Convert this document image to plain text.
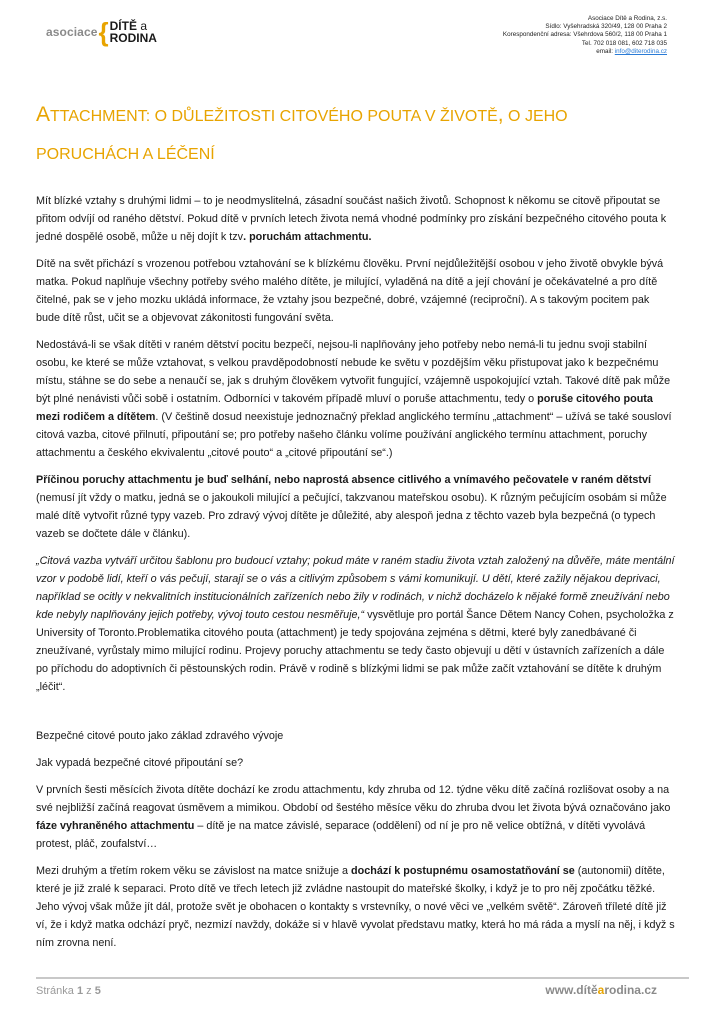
asociace { DÍTĚ a
RODINA
Asociace Dítě a Rodina, z.s.
Sídlo: Vyšehradská 320/49, 128 00 Praha 2
Korespondenční adresa: Všehrdova 560/2, 118 00 Praha 1
Tel. 702 018 081, 602 718 035
email: info@diterodina.cz
ATTACHMENT: O DŮLEŽITOSTI CITOVÉHO POUTA V ŽIVOTĚ, O JEHO
PORUCHÁCH A LÉČENÍ

Mít blízké vztahy s druhými lidmi – to je neodmyslitelná, zásadní součást našich životů. Schopnost k někomu se citově připoutat se přitom odvíjí od raného dětství. Pokud dítě v prvních letech života nemá vhodné podmínky pro získání bezpečného citového pouta k jedné dospělé osobě, může u něj dojít k tzv. poruchám attachmentu.

Dítě na svět přichází s vrozenou potřebou vztahování se k blízkému člověku. První nejdůležitější osobou v jeho životě obvykle bývá matka. Pokud naplňuje všechny potřeby svého malého dítěte, je milující, vyladěná na dítě a její chování je očekávatelné a pro dítě čitelné, pak se v jeho mozku ukládá informace, že vztahy jsou bezpečné, dobré, vzájemné (reciproční). A s takovým pocitem pak bude dítě růst, učit se a objevovat zákonitosti fungování světa.

Nedostává-li se však dítěti v raném dětství pocitu bezpečí, nejsou-li naplňovány jeho potřeby nebo nemá-li tu jednu svoji stabilní osobu, ke které se může vztahovat, s velkou pravděpodobností nebude ke světu v pozdějším věku přistupovat jako k bezpečnému místu, stáhne se do sebe a nenaučí se, jak s druhým člověkem vytvořit fungující, vzájemně uspokojující vztah. Takové dítě pak může být plné nenávisti vůči sobě i ostatním. Odborníci v takovém případě mluví o poruše attachmentu, tedy o poruše citového pouta mezi rodičem a dítětem. (V češtině dosud neexistuje jednoznačný překlad anglického termínu „attachment“ – užívá se také sousloví citová vazba, citové přilnutí, připoutání se; pro potřeby našeho článku volíme používání anglického termínu attachment, poruchy attachmentu a českého ekvivalentu „citové pouto“ a „citové připoutání se“.)

Příčinou poruchy attachmentu je buď selhání, nebo naprostá absence citlivého a vnímavého pečovatele v raném dětství (nemusí jít vždy o matku, jedná se o jakoukoli milující a pečující, takzvanou mateřskou osobu). K různým pečujícím osobám si může malé dítě vytvořit různé typy vazeb. Pro zdravý vývoj dítěte je důležité, aby alespoň jedna z těchto vazeb byla bezpečná (o typech vazeb se dočtete dále v článku).

„Citová vazba vytváří určitou šablonu pro budoucí vztahy; pokud máte v raném stadiu života vztah založený na důvěře, máte mentální vzor v podobě lidí, kteří o vás pečují, starají se o vás a citlivým způsobem s vámi komunikují. U dětí, které zažily nějakou deprivaci, například se ocitly v nekvalitních institucionálních zařízeních nebo žily v rodinách, v nichž docházelo k nějaké formě zneužívání nebo kde nebyly naplňovány jejich potřeby, vývoj touto cestou nesměřuje,“ vysvětluje pro portál Šance Dětem Nancy Cohen, psycholožka z University of Toronto.Problematika citového pouta (attachment) je tedy spojována zejména s dětmi, které byly zanedbávané či zneužívané, vyrůstaly mimo milující rodinu. Projevy poruchy attachmentu se tedy často objevují u dětí v ústavních zařízeních a dále po příchodu do adoptivních či pěstounských rodin. Právě v rodině s blízkými lidmi se pak může začít vztahování se dítěte k druhým „léčit“.

Bezpečné citové pouto jako základ zdravého vývoje

Jak vypadá bezpečné citové připoutání se?

V prvních šesti měsících života dítěte dochází ke zrodu attachmentu, kdy zhruba od 12. týdne věku dítě začíná rozlišovat osoby a na své nejbližší začíná reagovat úsměvem a mimikou. Období od šestého měsíce věku do zhruba dvou let života bývá označováno jako fáze vyhraněného attachmentu – dítě je na matce závislé, separace (oddělení) od ní je pro ně velice obtížná, v dítěti vyvolává protest, pláč, zoufalství…

Mezi druhým a třetím rokem věku se závislost na matce snižuje a dochází k postupnému osamostatňování se (autonomii) dítěte, které je již zralé k separaci. Proto dítě ve třech letech již zvládne nastoupit do mateřské školky, i když je to pro něj zpočátku těžké. Jeho vývoj však může jít dál, protože svět je obohacen o kontakty s vrstevníky, o nové věci ve „velkém světě“. Zároveň tříleté dítě již ví, že i když matka odchází pryč, nezmizí navždy, dokáže si v hlavě vyvolat představu matky, která ho má ráda a myslí na něj, i když s ním zrovna není.

Stránka 1 z 5	www.dítěarodina.cz
